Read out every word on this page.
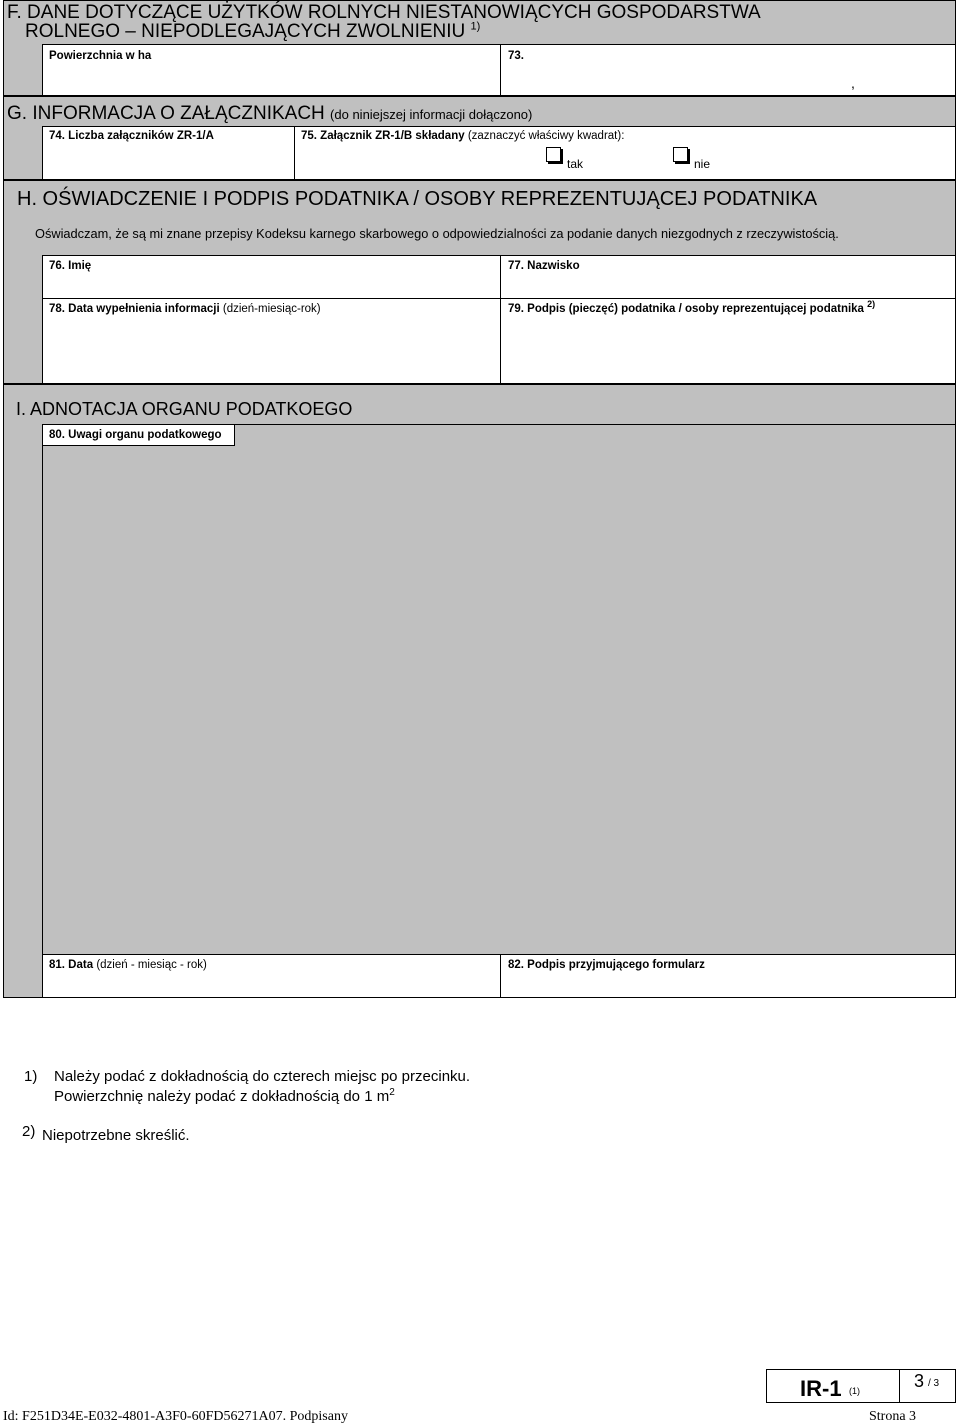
F. DANE DOTYCZĄCE UŻYTKÓW ROLNYCH NIESTANOWIĄCYCH GOSPODARSTWA
ROLNEGO – NIEPODLEGAJĄCYCH ZWOLNIENIU $^{1)}$
Powierzchnia w ha	73.
,
G. INFORMACJA O ZAŁĄCZNIKACH (do niniejszej informacji dołączono)
74. Liczba załączników ZR-1/A	75. Załącznik ZR-1/B składany (zaznaczyć właściwy kwadrat):
tak	nie
H. OŚWIADCZENIE I PODPIS PODATNIKA / OSOBY REPREZENTUJĄCEJ PODATNIKA
Oświadczam, że są mi znane przepisy Kodeksu karnego skarbowego o odpowiedzialności za podanie danych niezgodnych z rzeczywistością.
76. Imię	77. Nazwisko
78. Data wypełnienia informacji (dzień-miesiąc-rok)	79. Podpis (pieczęć) podatnika / osoby reprezentującej podatnika $^{2)}$
I. ADNOTACJA ORGANU PODATKOEGO
80. Uwagi organu podatkowego
81. Data (dzień - miesiąc - rok)	82. Podpis przyjmującego formularz
1) Należy podać z dokładnością do czterech miejsc po przecinku.
Powierzchnię należy podać z dokładnością do 1 $m^2$
2) Niepotrzebne skreślić.
IR-1 (1)	3 / 3
Id: F251D34E-E032-4801-A3F0-60FD56271A07. Podpisany	Strona 3
